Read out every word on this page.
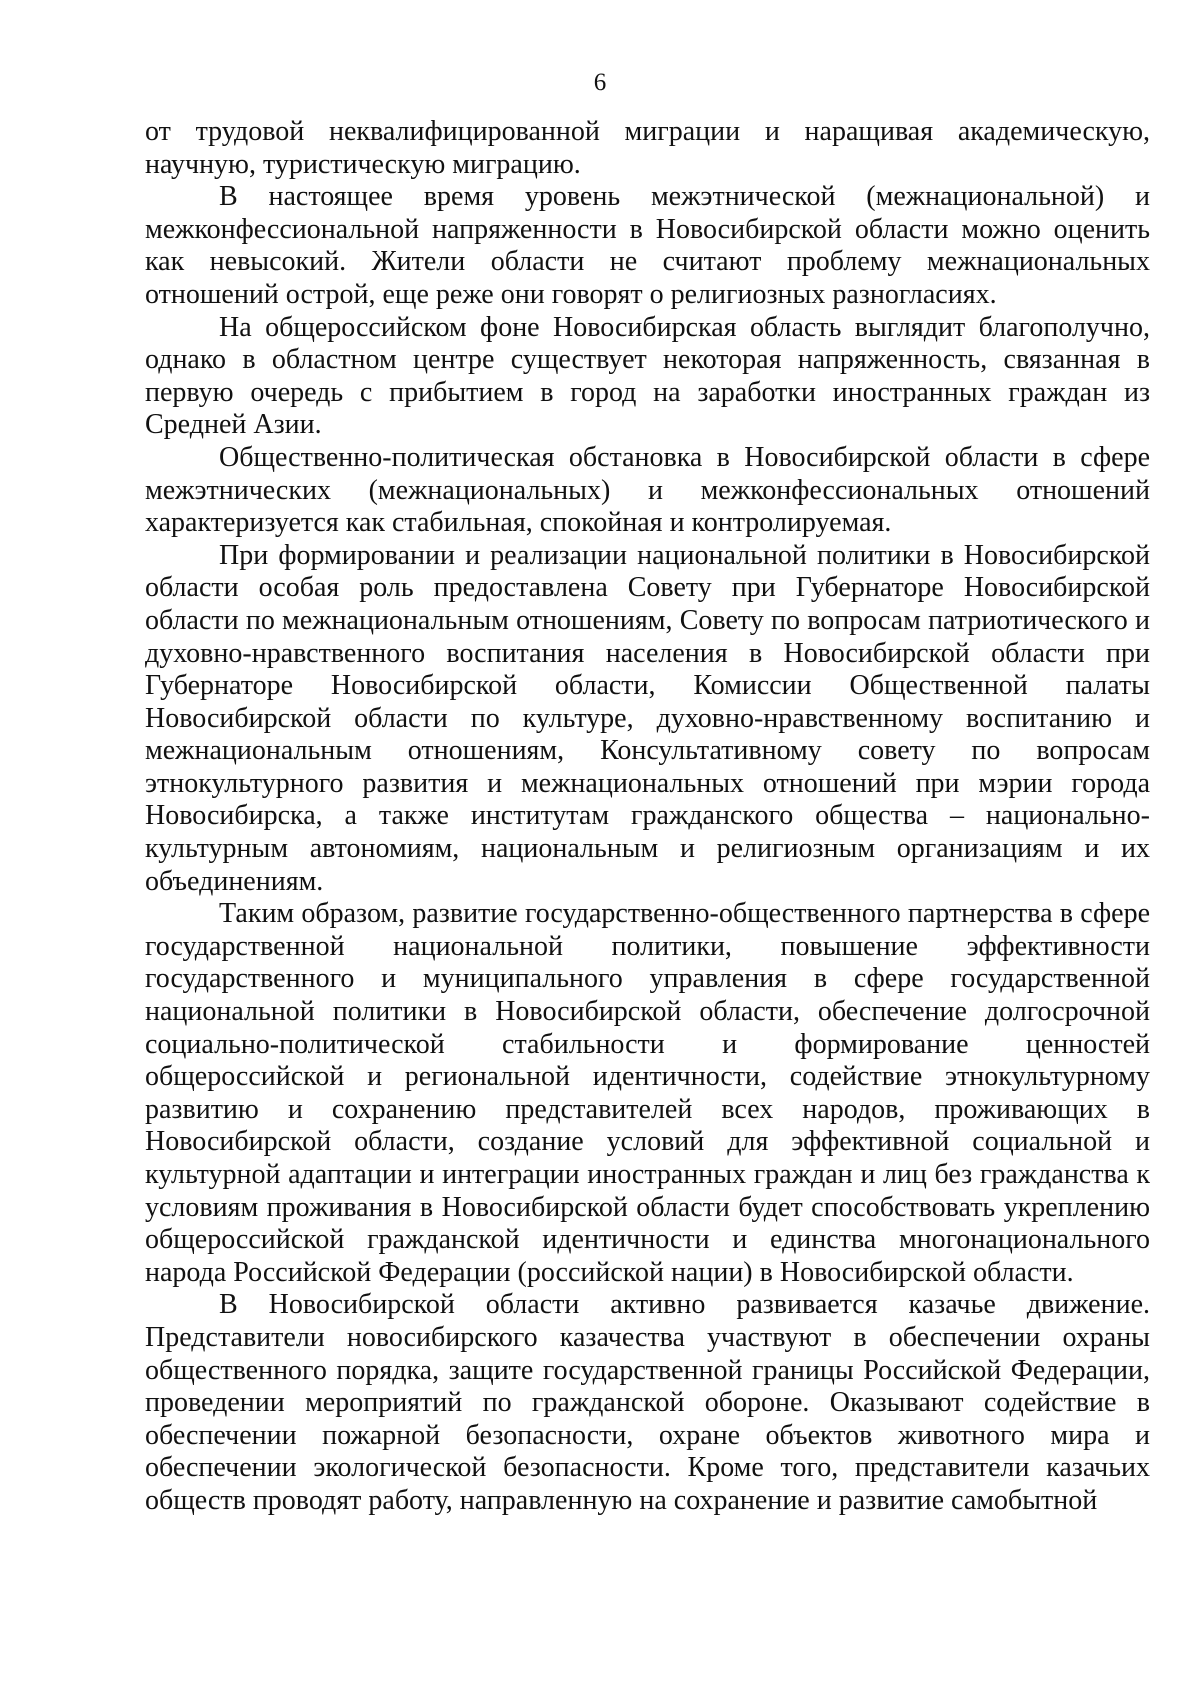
6

от трудовой неквалифицированной миграции и наращивая академическую, научную, туристическую миграцию.

В настоящее время уровень межэтнической (межнациональной) и межконфессиональной напряженности в Новосибирской области можно оценить как невысокий. Жители области не считают проблему межнациональных отношений острой, еще реже они говорят о религиозных разногласиях.

На общероссийском фоне Новосибирская область выглядит благополучно, однако в областном центре существует некоторая напряженность, связанная в первую очередь с прибытием в город на заработки иностранных граждан из Средней Азии.

Общественно-политическая обстановка в Новосибирской области в сфере межэтнических (межнациональных) и межконфессиональных отношений характеризуется как стабильная, спокойная и контролируемая.

При формировании и реализации национальной политики в Новосибирской области особая роль предоставлена Совету при Губернаторе Новосибирской области по межнациональным отношениям, Совету по вопросам патриотического и духовно-нравственного воспитания населения в Новосибирской области при Губернаторе Новосибирской области, Комиссии Общественной палаты Новосибирской области по культуре, духовно-нравственному воспитанию и межнациональным отношениям, Консультативному совету по вопросам этнокультурного развития и межнациональных отношений при мэрии города Новосибирска, а также институтам гражданского общества – национально-культурным автономиям, национальным и религиозным организациям и их объединениям.

Таким образом, развитие государственно-общественного партнерства в сфере государственной национальной политики, повышение эффективности государственного и муниципального управления в сфере государственной национальной политики в Новосибирской области, обеспечение долгосрочной социально-политической стабильности и формирование ценностей общероссийской и региональной идентичности, содействие этнокультурному развитию и сохранению представителей всех народов, проживающих в Новосибирской области, создание условий для эффективной социальной и культурной адаптации и интеграции иностранных граждан и лиц без гражданства к условиям проживания в Новосибирской области будет способствовать укреплению общероссийской гражданской идентичности и единства многонационального народа Российской Федерации (российской нации) в Новосибирской области.

В Новосибирской области активно развивается казачье движение. Представители новосибирского казачества участвуют в обеспечении охраны общественного порядка, защите государственной границы Российской Федерации, проведении мероприятий по гражданской обороне. Оказывают содействие в обеспечении пожарной безопасности, охране объектов животного мира и обеспечении экологической безопасности. Кроме того, представители казачьих обществ проводят работу, направленную на сохранение и развитие самобытной
